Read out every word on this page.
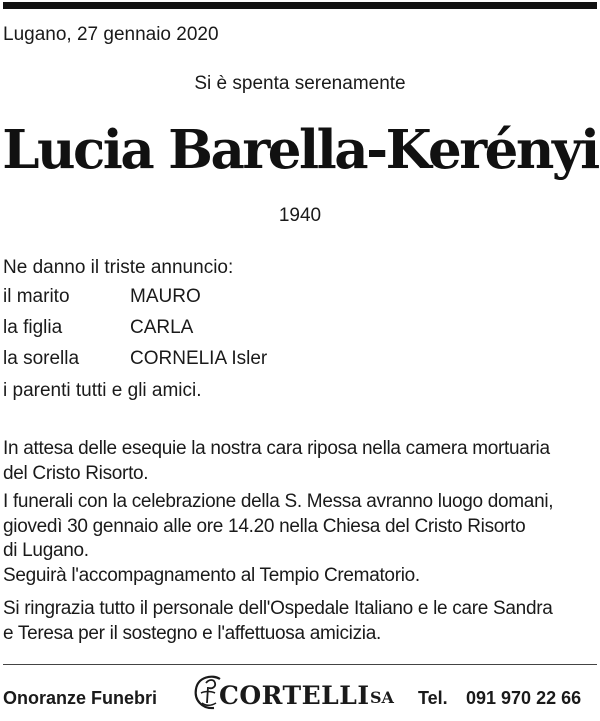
Lugano, 27 gennaio 2020
Si è spenta serenamente
Lucia Barella-Kerényi
1940
Ne danno il triste annuncio:
il marito	MAURO
la figlia	CARLA
la sorella	CORNELIA Isler
i parenti tutti e gli amici.
In attesa delle esequie la nostra cara riposa nella camera mortuaria
del Cristo Risorto.
I funerali con la celebrazione della S. Messa avranno luogo domani,
giovedì 30 gennaio alle ore 14.20 nella Chiesa del Cristo Risorto
di Lugano.
Seguirà l'accompagnamento al Tempio Crematorio.
Si ringrazia tutto il personale dell'Ospedale Italiano e le care Sandra
e Teresa per il sostegno e l'affettuosa amicizia.
Onoranze Funebri CORTELLI SA Tel. 091 970 22 66
